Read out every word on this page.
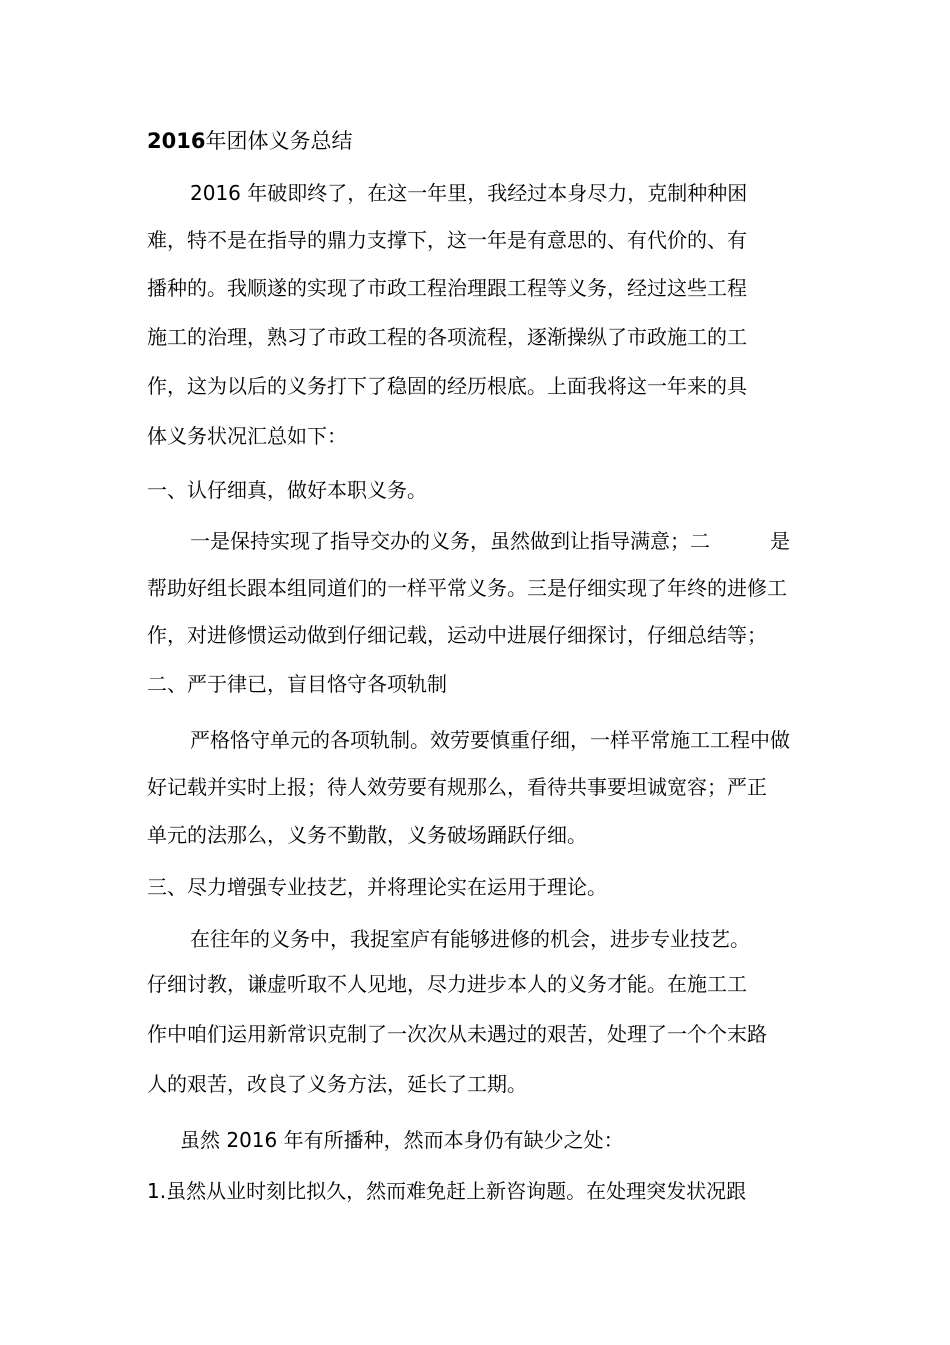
2016年团体义务总结

2016 年破即终了，在这一年里，我经过本身尽力，克制种种困

难，特不是在指导的鼎力支撑下，这一年是有意思的、有代价的、有

播种的。我顺遂的实现了市政工程治理跟工程等义务，经过这些工程

施工的治理，熟习了市政工程的各项流程，逐渐操纵了市政施工的工

作，这为以后的义务打下了稳固的经历根底。上面我将这一年来的具

体义务状况汇总如下：

一、认仔细真，做好本职义务。

一是保持实现了指导交办的义务，虽然做到让指导满意；二　　　是

帮助好组长跟本组同道们的一样平常义务。三是仔细实现了年终的进修工

作，对进修惯运动做到仔细记载，运动中进展仔细探讨，仔细总结等；

二、严于律已，盲目恪守各项轨制

严格恪守单元的各项轨制。效劳要慎重仔细，一样平常施工工程中做

好记载并实时上报；待人效劳要有规那么，看待共事要坦诚宽容；严正

单元的法那么，义务不勤散，义务破场踊跃仔细。

三、尽力增强专业技艺，并将理论实在运用于理论。

在往年的义务中，我捉室庐有能够进修的机会，进步专业技艺。

仔细讨教，谦虚听取不人见地，尽力进步本人的义务才能。在施工工

作中咱们运用新常识克制了一次次从未遇过的艰苦，处理了一个个末路

人的艰苦，改良了义务方法，延长了工期。

虽然 2016 年有所播种，然而本身仍有缺少之处：

1.虽然从业时刻比拟久，然而难免赶上新咨询题。在处理突发状况跟
